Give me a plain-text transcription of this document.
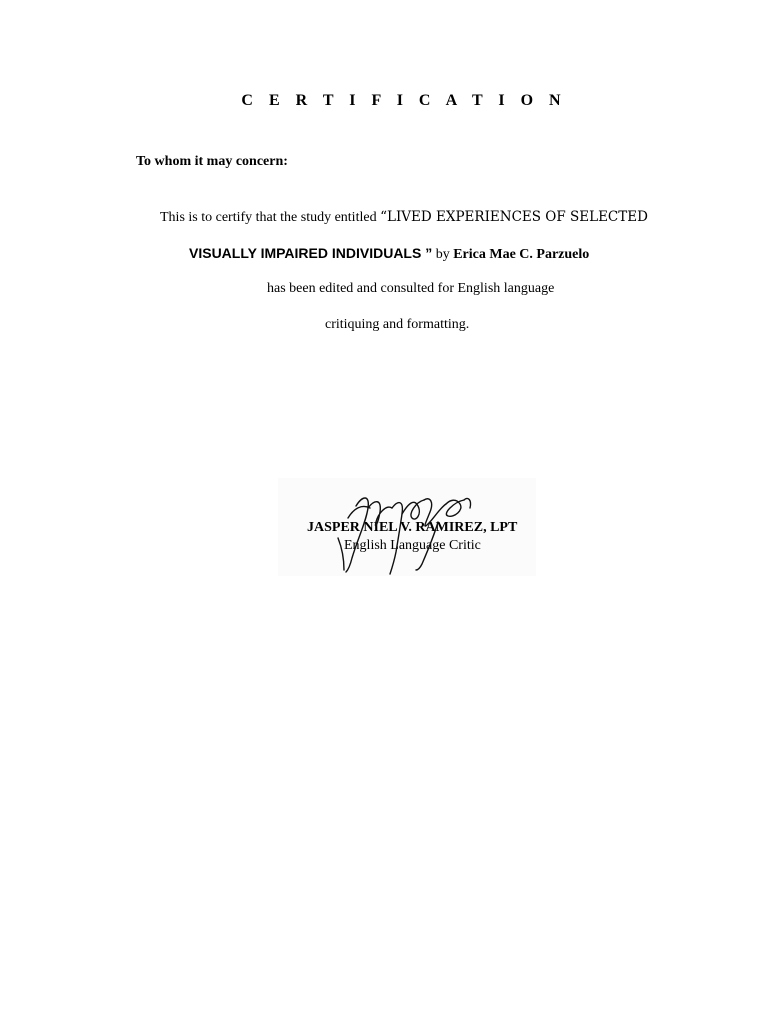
C E R T I F I C A T I O N
To whom it may concern:
This is to certify that the study entitled “LIVED EXPERIENCES OF SELECTED
VISUALLY IMPAIRED INDIVIDUALS ” by Erica Mae C. Parzuelo
has been edited and consulted for English language
critiquing and formatting.
JASPER NIEL V. RAMIREZ, LPT
English Language Critic
